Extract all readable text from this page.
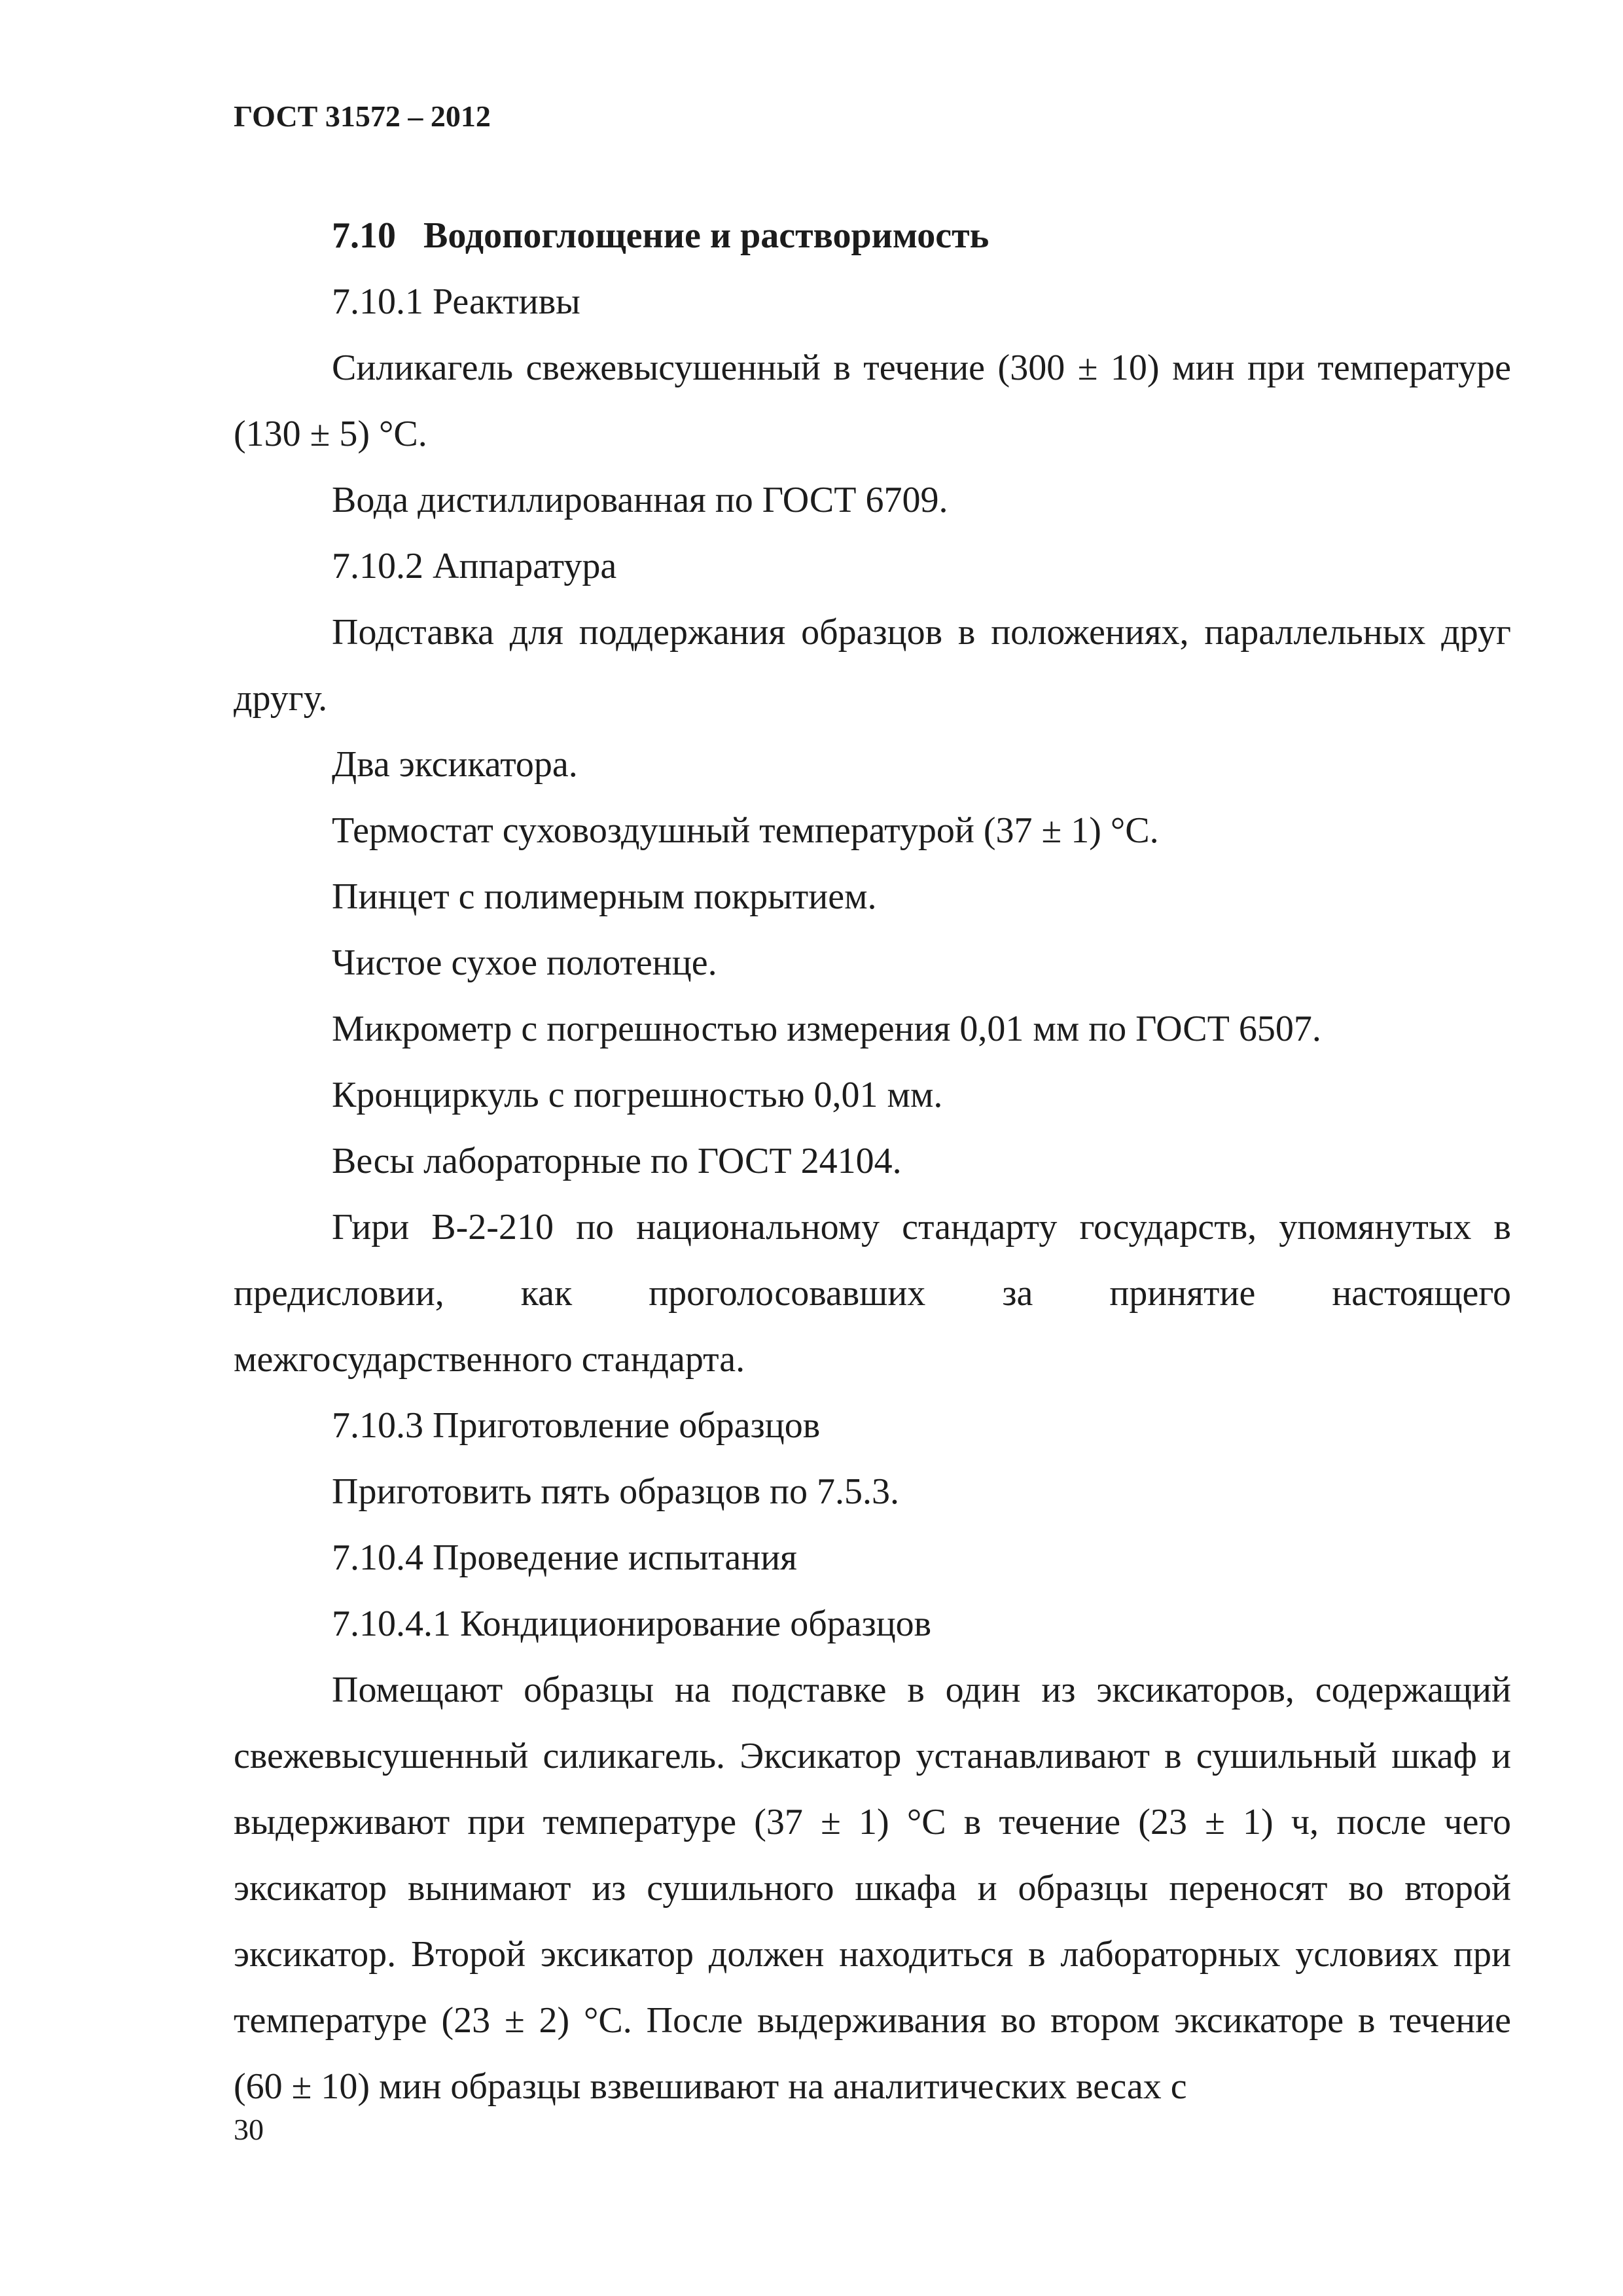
ГОСТ 31572 – 2012

7.10 Водопоглощение и растворимость

7.10.1 Реактивы

Силикагель свежевысушенный в течение (300 ± 10) мин при температуре (130 ± 5) °С.

Вода дистиллированная по ГОСТ 6709.

7.10.2 Аппаратура

Подставка для поддержания образцов в положениях, параллельных друг другу.

Два эксикатора.

Термостат суховоздушный температурой (37 ± 1) °С.

Пинцет с полимерным покрытием.

Чистое сухое полотенце.

Микрометр с погрешностью измерения 0,01 мм по ГОСТ 6507.

Кронциркуль с погрешностью 0,01 мм.

Весы лабораторные по ГОСТ 24104.

Гири В-2-210 по национальному стандарту государств, упомянутых в предисловии, как проголосовавших за принятие настоящего межгосударственного стандарта.

7.10.3 Приготовление образцов

Приготовить пять образцов по 7.5.3.

7.10.4 Проведение испытания

7.10.4.1 Кондиционирование образцов

Помещают образцы на подставке в один из эксикаторов, содержащий свежевысушенный силикагель. Эксикатор устанавливают в сушильный шкаф и выдерживают при температуре (37 ± 1) °С в течение (23 ± 1) ч, после чего эксикатор вынимают из сушильного шкафа и образцы переносят во второй эксикатор. Второй эксикатор должен находиться в лабораторных условиях при температуре (23 ± 2) °С. После выдерживания во втором эксикаторе в течение (60 ± 10) мин образцы взвешивают на аналитических весах с

30
